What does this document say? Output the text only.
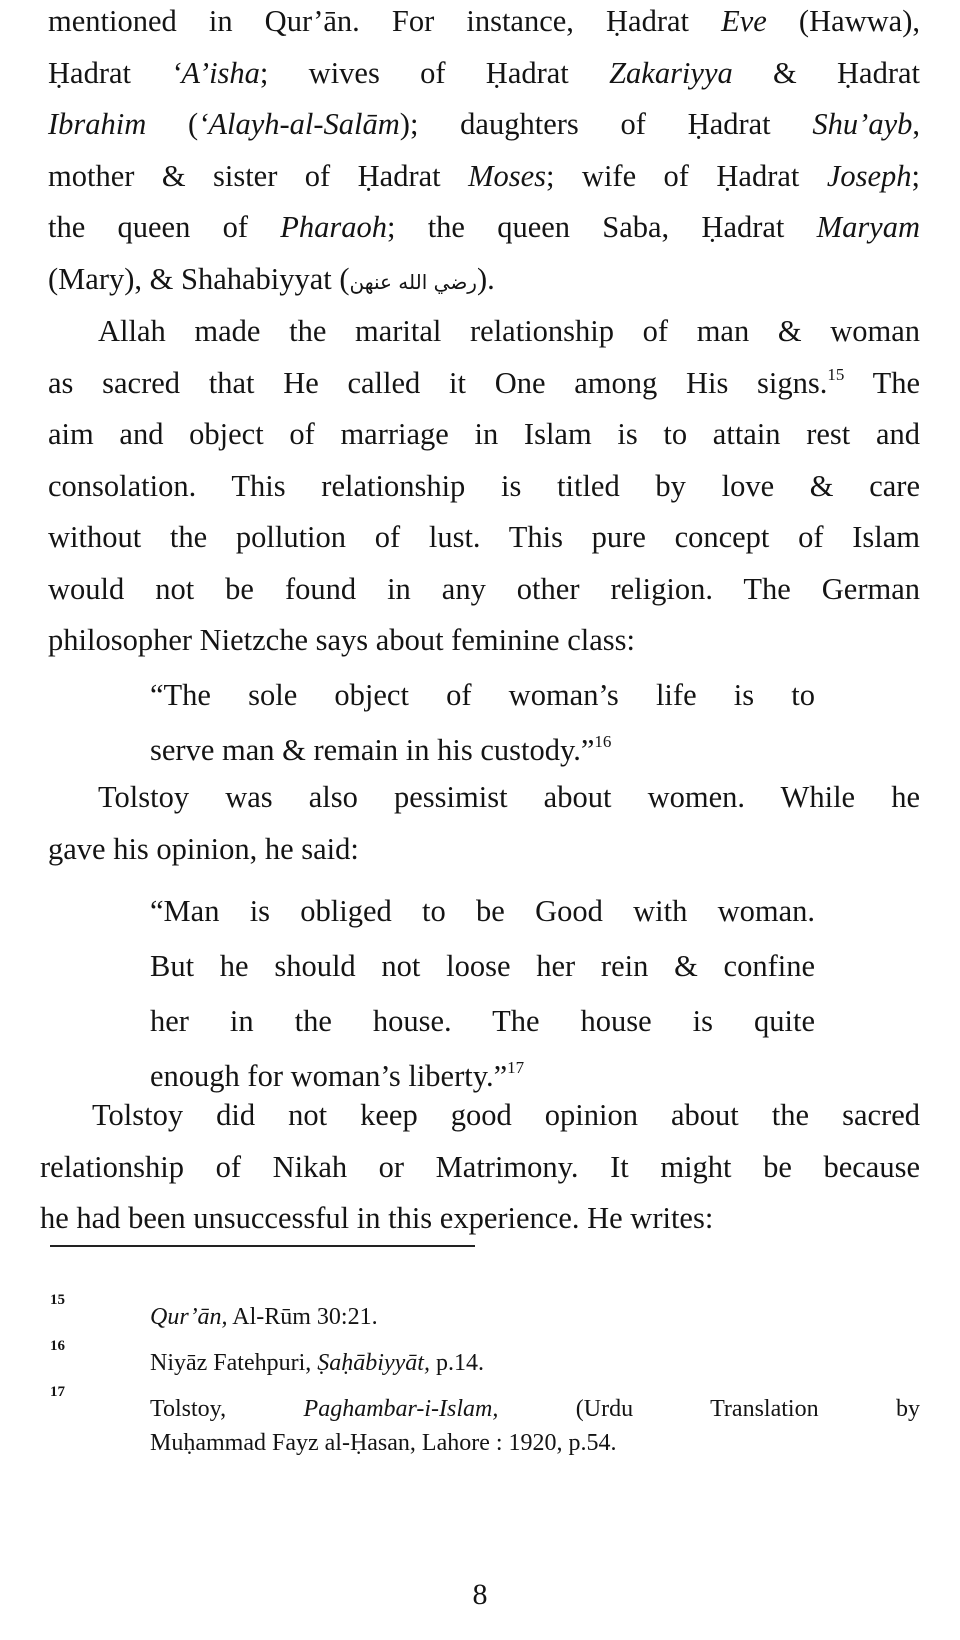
mentioned in Qur’ān. For instance, Ḥadrat Eve (Hawwa),
Ḥadrat ‘A’isha; wives of Ḥadrat Zakariyya & Ḥadrat
Ibrahim (‘Alayh-al-Salām); daughters of Ḥadrat Shu’ayb,
mother & sister of Ḥadrat Moses; wife of Ḥadrat Joseph;
the queen of Pharaoh; the queen Saba, Ḥadrat Maryam
(Mary), & Shahabiyyat (رضي الله عنهن).
Allah made the marital relationship of man & woman
as sacred that He called it One among His signs.$^{15}$ The
aim and object of marriage in Islam is to attain rest and
consolation. This relationship is titled by love & care
without the pollution of lust. This pure concept of Islam
would not be found in any other religion. The German
philosopher Nietzche says about feminine class:
“The sole object of woman’s life is to
serve man & remain in his custody.”$^{16}$
Tolstoy was also pessimist about women. While he
gave his opinion, he said:
“Man is obliged to be Good with woman.
But he should not loose her rein & confine
her in the house. The house is quite
enough for woman’s liberty.”$^{17}$
Tolstoy did not keep good opinion about the sacred
relationship of Nikah or Matrimony. It might be because
he had been unsuccessful in this experience. He writes:
15
Qur’ān, Al-Rūm 30:21.
16
Niyāz Fatehpuri, Ṣaḥābiyyāt, p.14.
17
Tolstoy, Paghambar-i-Islam, (Urdu Translation by
Muḥammad Fayz al-Ḥasan, Lahore : 1920, p.54.
8
